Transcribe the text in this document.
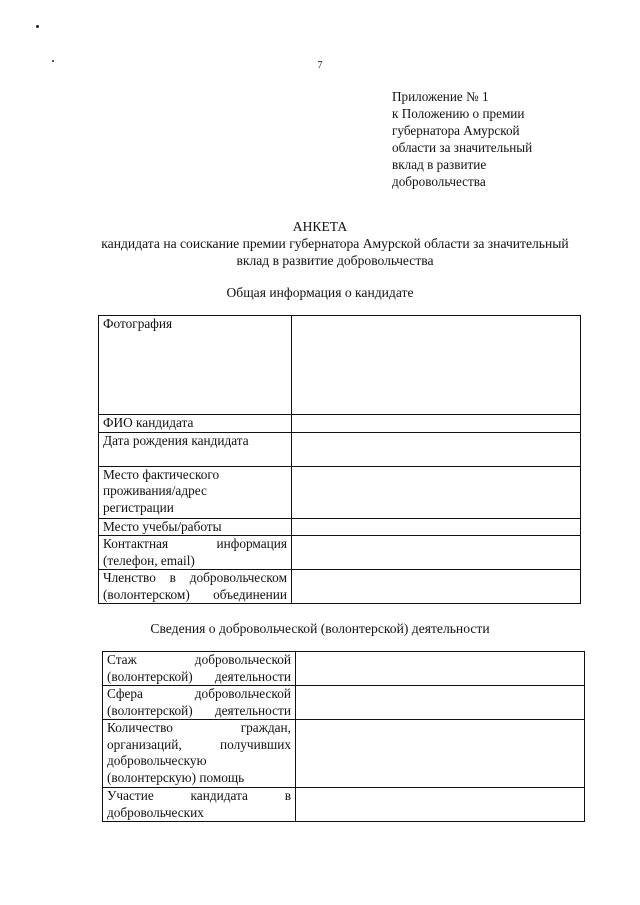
7
Приложение № 1
к Положению о премии
губернатора Амурской
области за значительный
вклад в развитие
добровольчества
АНКЕТА
кандидата на соискание премии губернатора Амурской области за значительный вклад в развитие добровольчества
Общая информация о кандидате
Фотография	

ФИО кандидата	

Дата рождения кандидата	

Место фактического
проживания/адрес
регистрации	

Место учебы/работы	

Контактная информация
(телефон, email)	

Членство в добровольческом
(волонтерском) объединении	

Сведения о добровольческой (волонтерской) деятельности
Стаж добровольческой
(волонтерской) деятельности	

Сфера добровольческой
(волонтерской) деятельности	

Количество граждан,
организаций, получивших
добровольческую
(волонтерскую) помощь	

Участие кандидата в
добровольческих	
